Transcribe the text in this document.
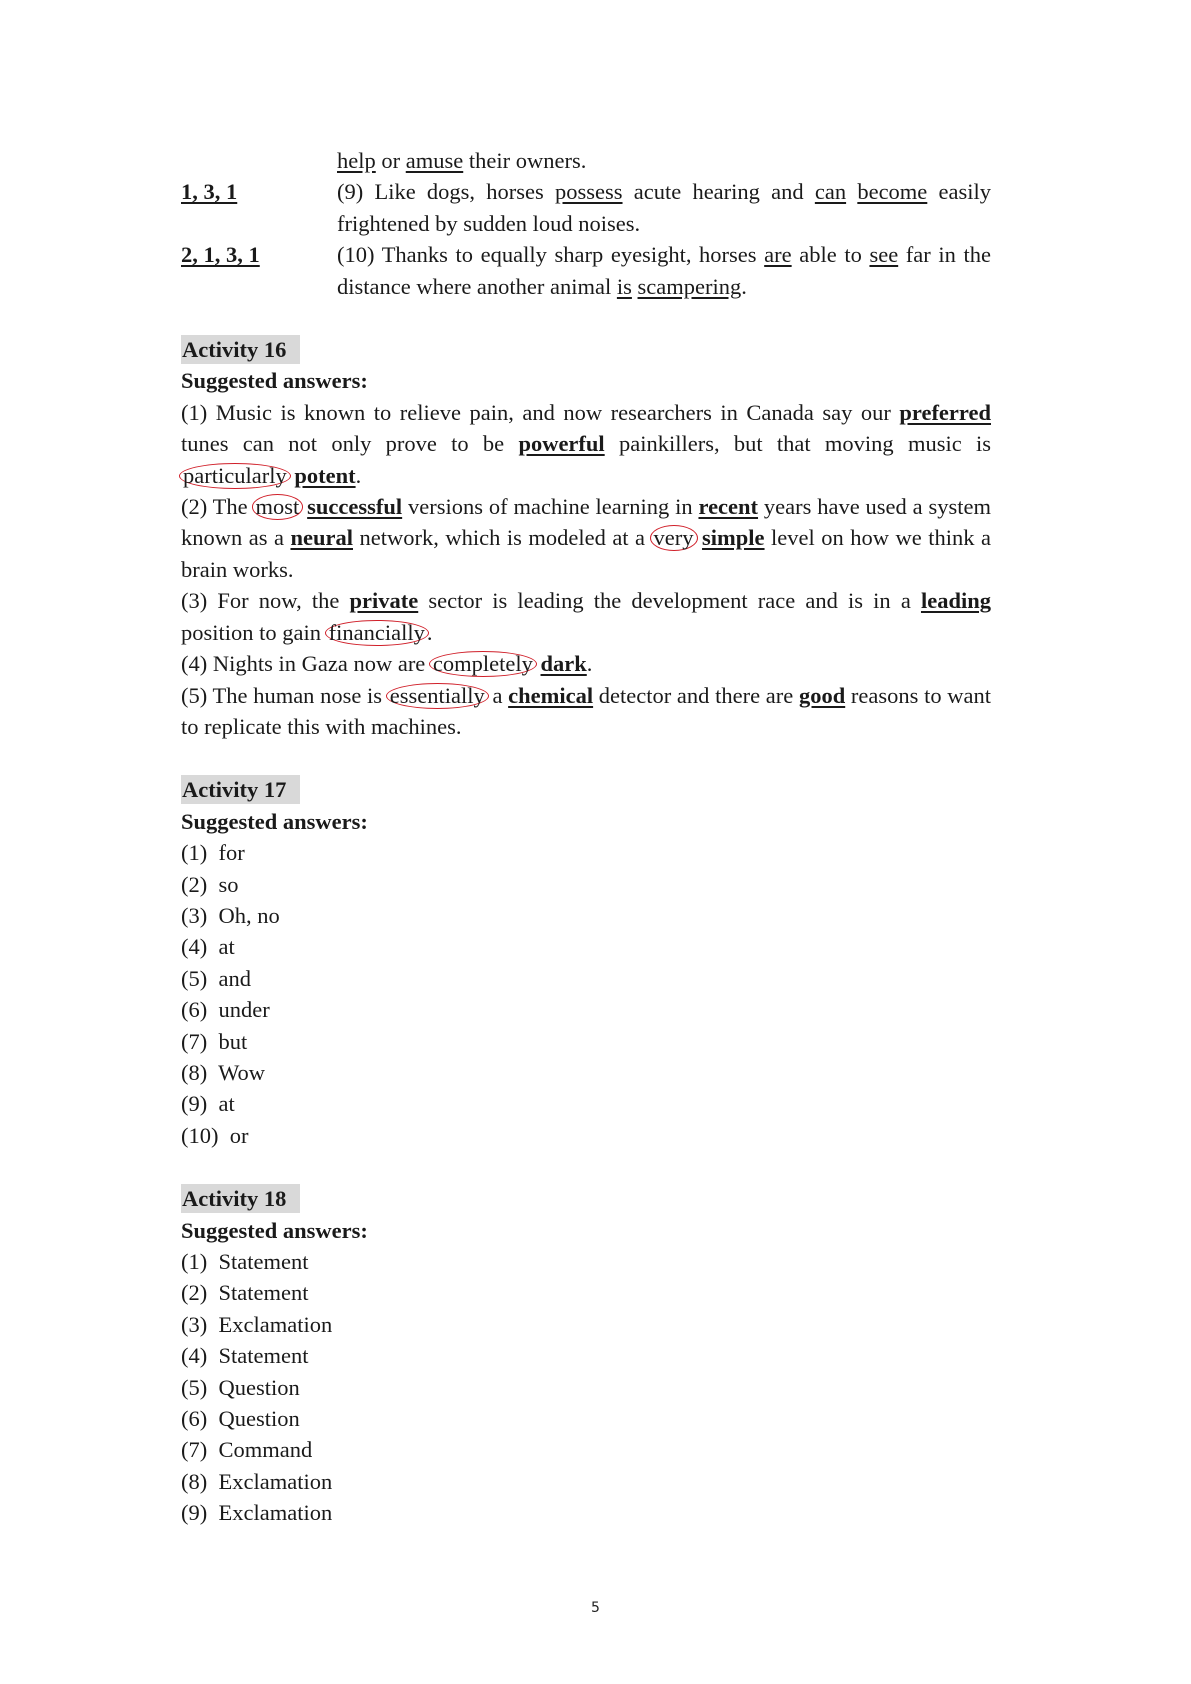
help or amuse their owners.
1, 3, 1	(9) Like dogs, horses possess acute hearing and can become easily frightened by sudden loud noises.
2, 1, 3, 1	(10) Thanks to equally sharp eyesight, horses are able to see far in the distance where another animal is scampering.
Activity 16
Suggested answers:
(1) Music is known to relieve pain, and now researchers in Canada say our preferred tunes can not only prove to be powerful painkillers, but that moving music is particularly potent.
(2) The most successful versions of machine learning in recent years have used a system known as a neural network, which is modeled at a very simple level on how we think a brain works.
(3) For now, the private sector is leading the development race and is in a leading position to gain financially.
(4) Nights in Gaza now are completely dark.
(5) The human nose is essentially a chemical detector and there are good reasons to want to replicate this with machines.
Activity 17
Suggested answers:
(1)  for
(2)  so
(3)  Oh, no
(4)  at
(5)  and
(6)  under
(7)  but
(8)  Wow
(9)  at
(10)  or
Activity 18
Suggested answers:
(1)  Statement
(2)  Statement
(3)  Exclamation
(4)  Statement
(5)  Question
(6)  Question
(7)  Command
(8)  Exclamation
(9)  Exclamation
5
